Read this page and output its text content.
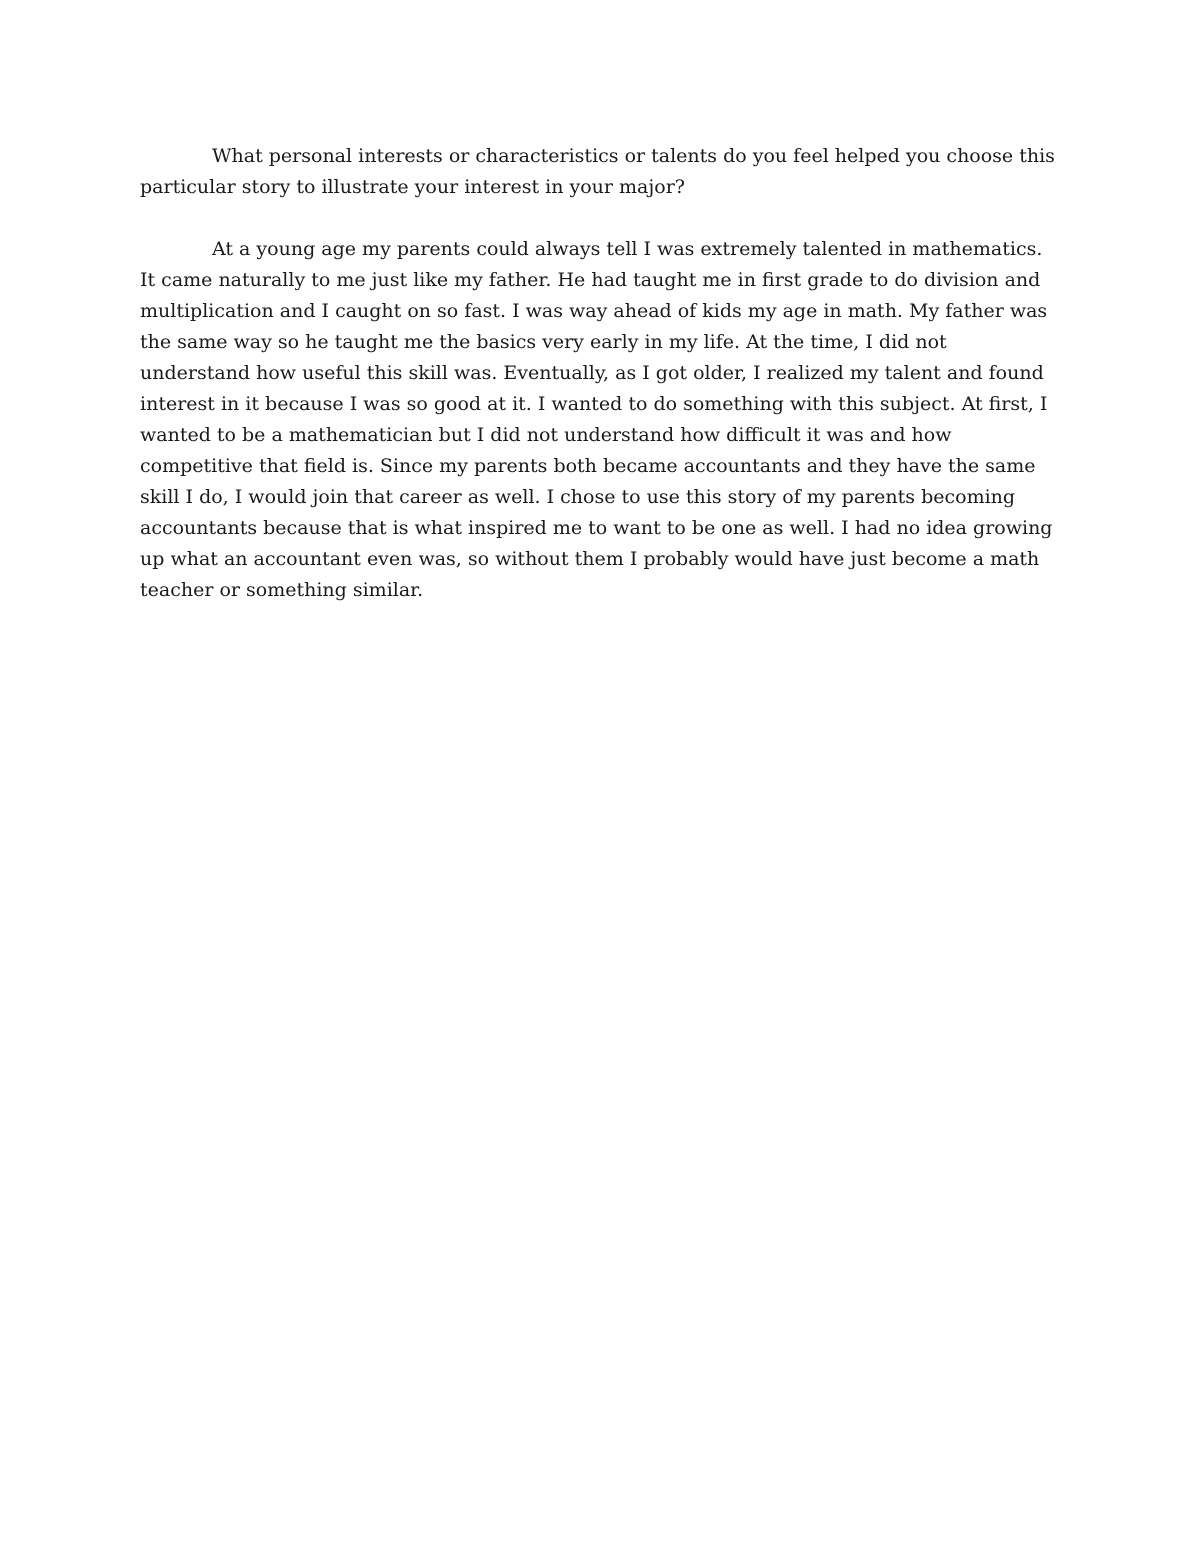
What personal interests or characteristics or talents do you feel helped you choose this particular story to illustrate your interest in your major?

At a young age my parents could always tell I was extremely talented in mathematics. It came naturally to me just like my father. He had taught me in first grade to do division and multiplication and I caught on so fast. I was way ahead of kids my age in math. My father was the same way so he taught me the basics very early in my life. At the time, I did not understand how useful this skill was. Eventually, as I got older, I realized my talent and found interest in it because I was so good at it. I wanted to do something with this subject. At first, I wanted to be a mathematician but I did not understand how difficult it was and how competitive that field is. Since my parents both became accountants and they have the same skill I do, I would join that career as well. I chose to use this story of my parents becoming accountants because that is what inspired me to want to be one as well. I had no idea growing up what an accountant even was, so without them I probably would have just become a math teacher or something similar.
